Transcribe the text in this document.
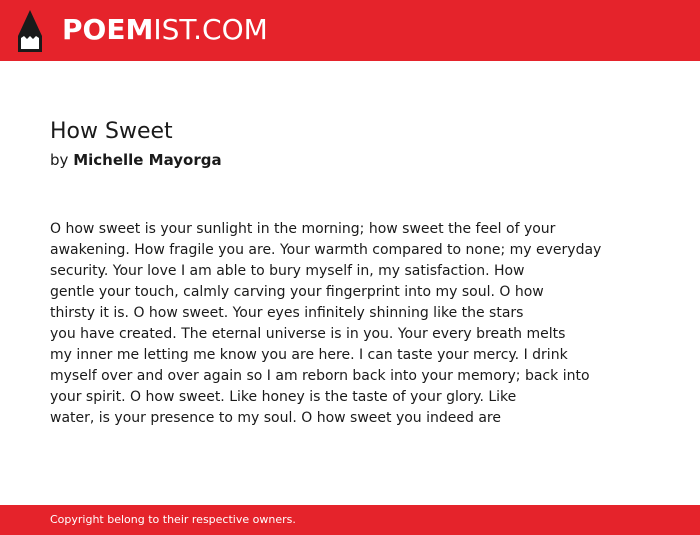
POEMIST.COM
How Sweet
by Michelle Mayorga
O how sweet is your sunlight in the morning; how sweet the feel of your
awakening. How fragile you are. Your warmth compared to none; my everyday
security. Your love I am able to bury myself in, my satisfaction. How
gentle your touch, calmly carving your fingerprint into my soul. O how
thirsty it is. O how sweet. Your eyes infinitely shinning like the stars
you have created. The eternal universe is in you. Your every breath melts
my inner me letting me know you are here. I can taste your mercy. I drink
myself over and over again so I am reborn back into your memory; back into
your spirit. O how sweet. Like honey is the taste of your glory. Like
water, is your presence to my soul. O how sweet you indeed are
Copyright belong to their respective owners.
